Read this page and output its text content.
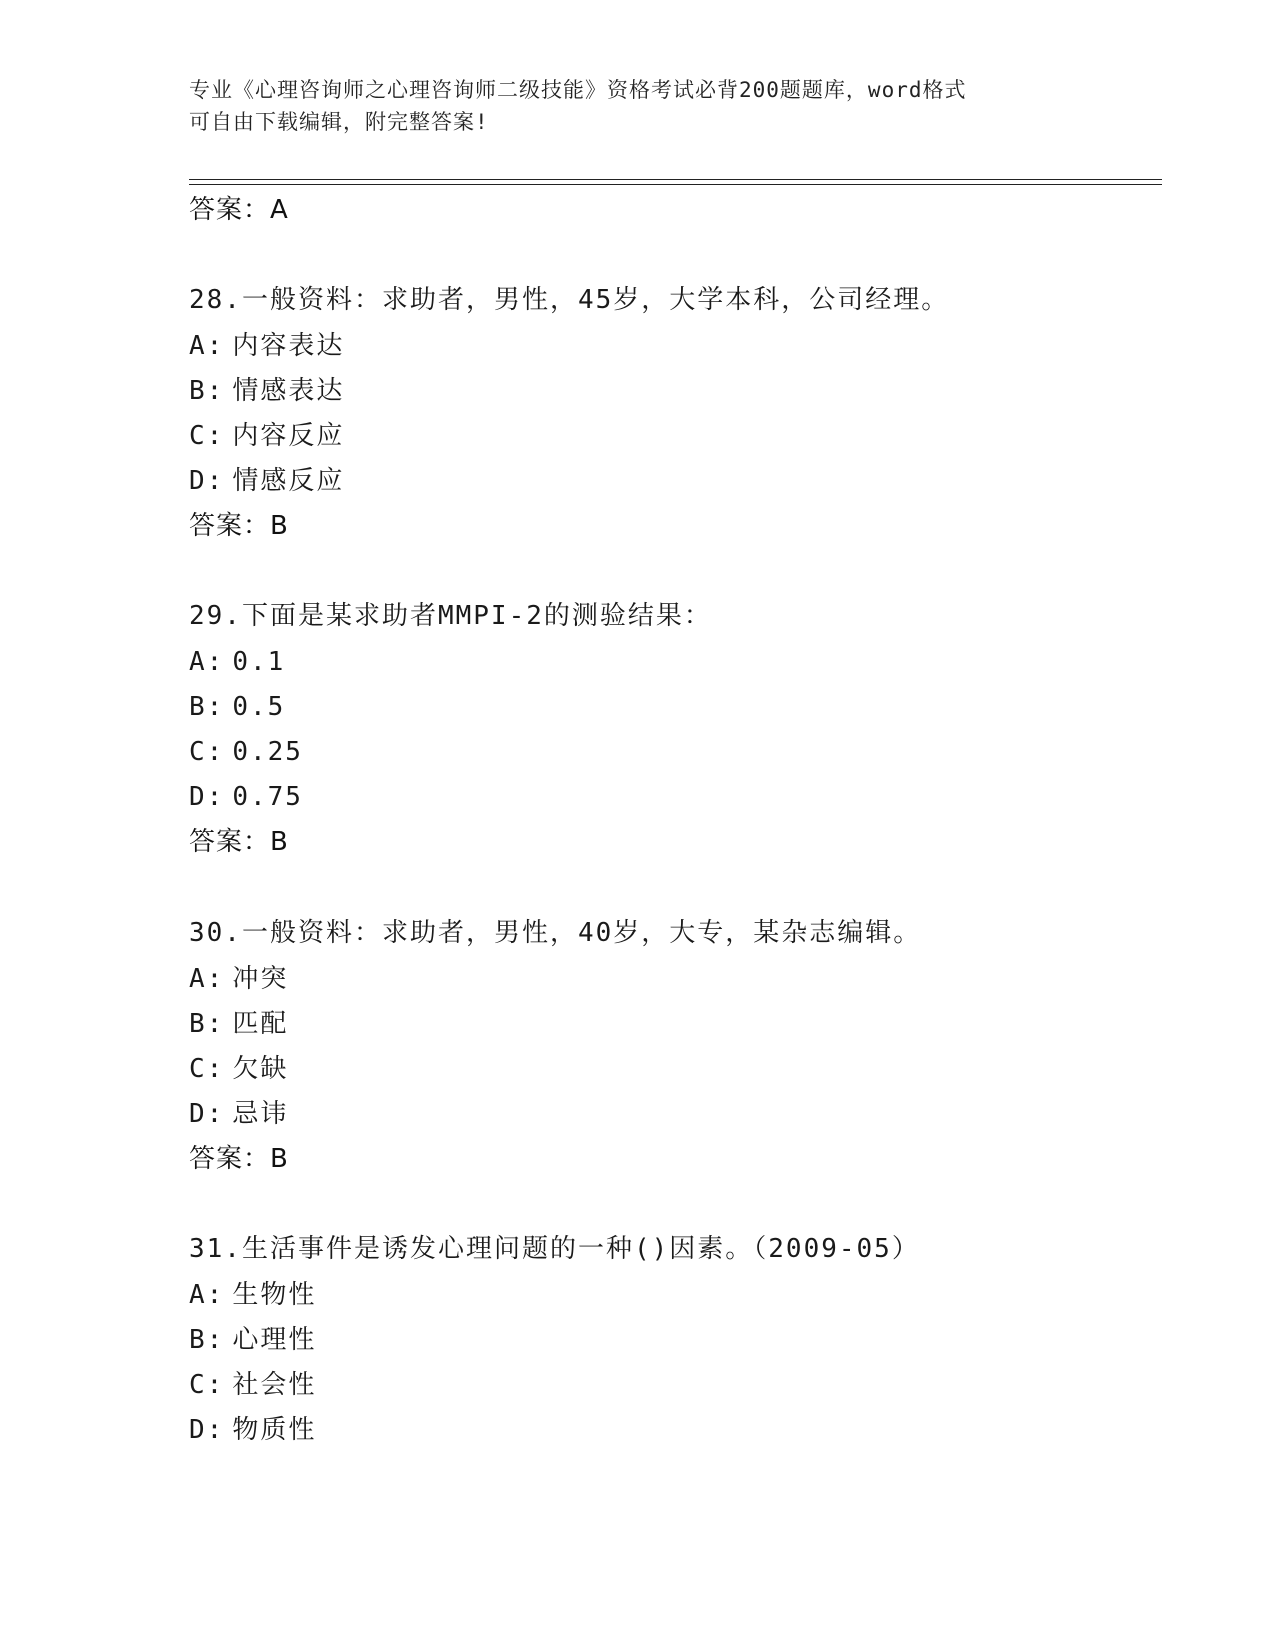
专业《心理咨询师之心理咨询师二级技能》资格考试必背200题题库，word格式
可自由下载编辑，附完整答案!
答案：A
28.一般资料：求助者，男性，45岁，大学本科，公司经理。
A: 内容表达
B: 情感表达
C: 内容反应
D: 情感反应
答案：B
29.下面是某求助者MMPI-2的测验结果：
A: 0.1
B: 0.5
C: 0.25
D: 0.75
答案：B
30.一般资料：求助者，男性，40岁，大专，某杂志编辑。
A: 冲突
B: 匹配
C: 欠缺
D: 忌讳
答案：B
31.生活事件是诱发心理问题的一种()因素。（2009-05）
A: 生物性
B: 心理性
C: 社会性
D: 物质性
